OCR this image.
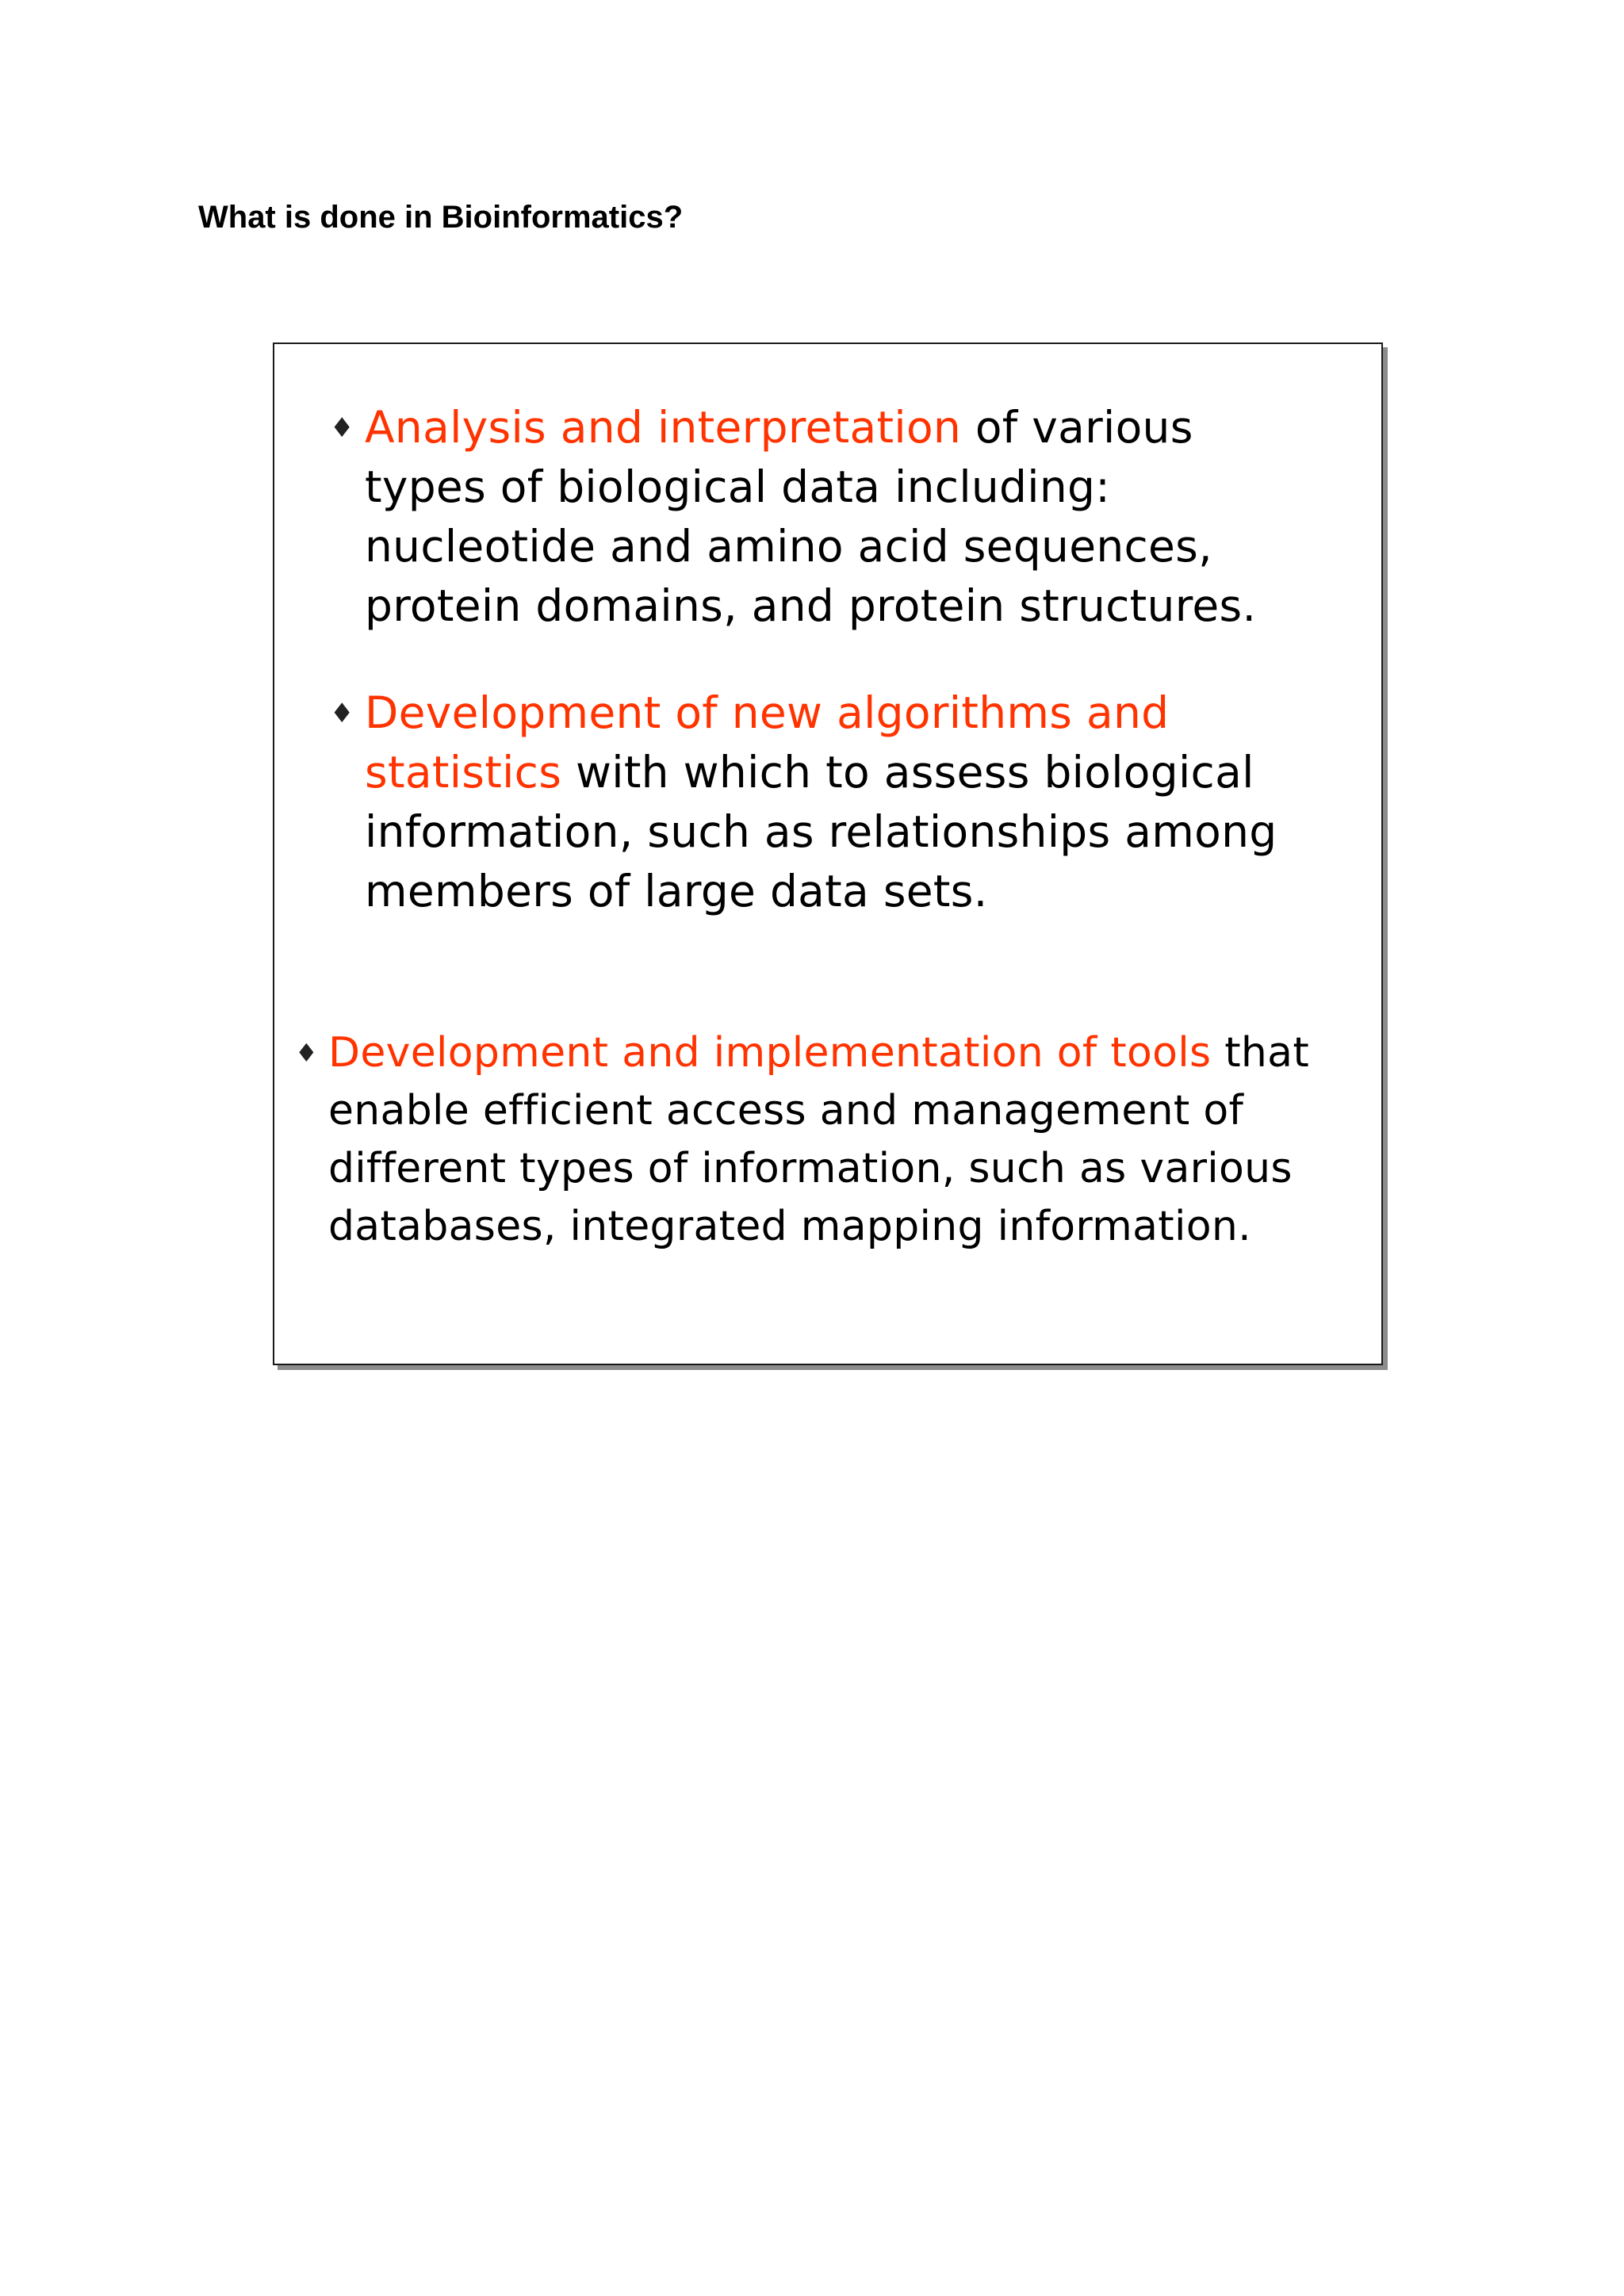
What is done in Bioinformatics?
♦ Analysis and interpretation of various types of biological data including: nucleotide and amino acid sequences, protein domains, and protein structures.
♦ Development of new algorithms and statistics with which to assess biological information, such as relationships among members of large data sets.
♦ Development and implementation of tools that enable efficient access and management of different types of information, such as various databases, integrated mapping information.
